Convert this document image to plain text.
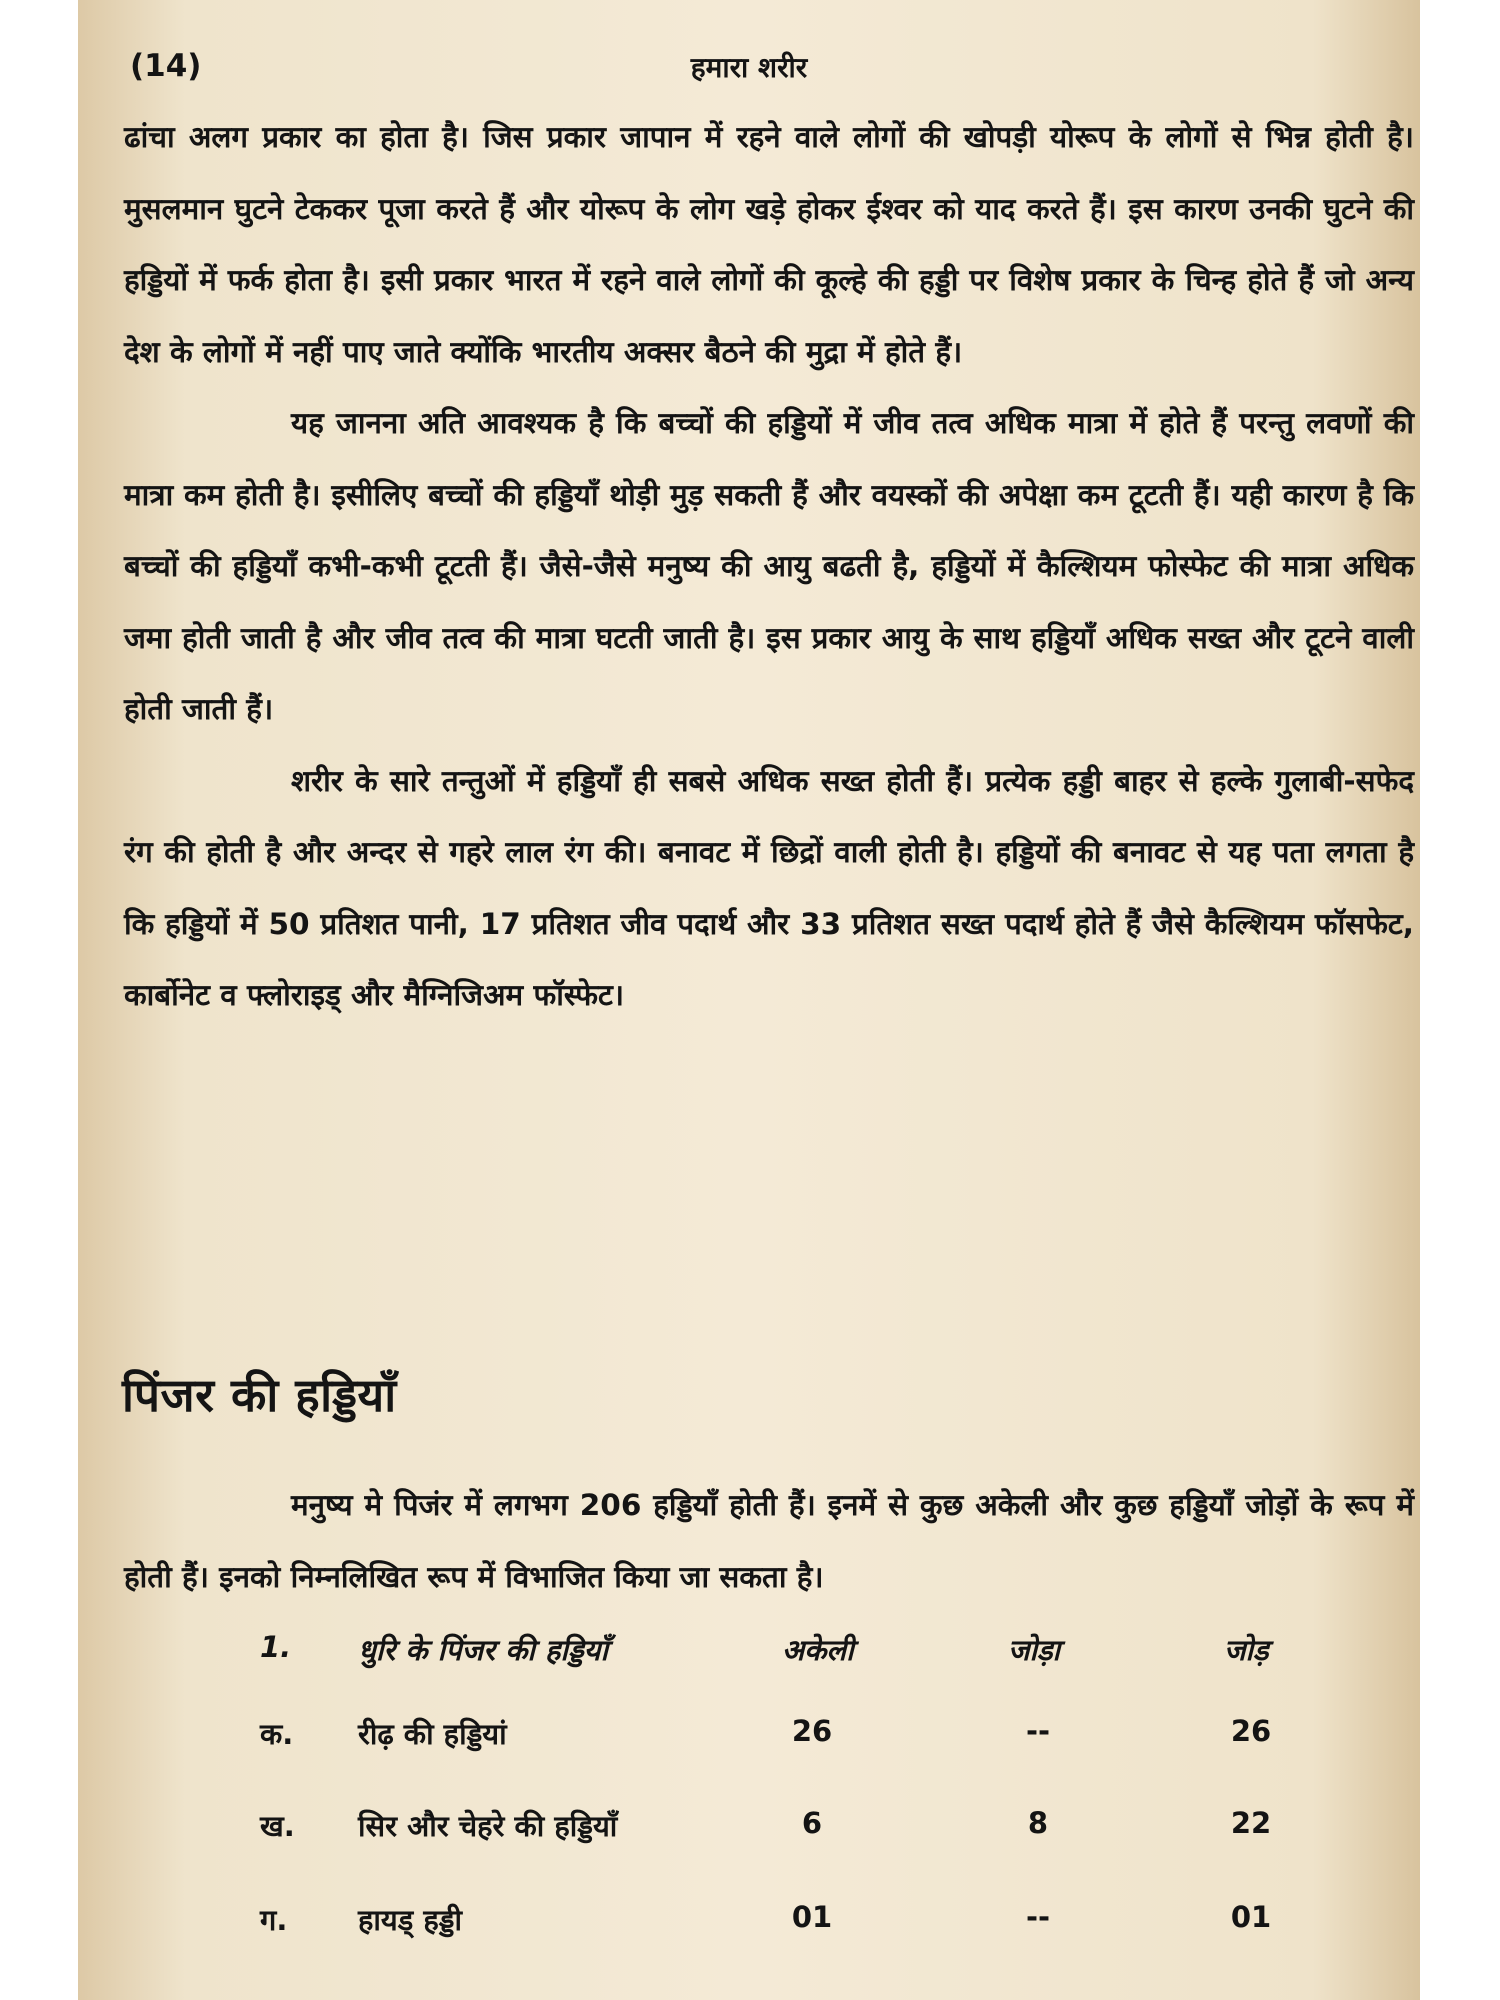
(14)	हमारा शरीर

ढांचा अलग प्रकार का होता है। जिस प्रकार जापान में रहने वाले लोगों की खोपड़ी योरूप के लोगों से भिन्न होती है। मुसलमान घुटने टेककर पूजा करते हैं और योरूप के लोग खड़े होकर ईश्वर को याद करते हैं। इस कारण उनकी घुटने की हड्डियों में फर्क होता है। इसी प्रकार भारत में रहने वाले लोगों की कूल्हे की हड्डी पर विशेष प्रकार के चिन्ह होते हैं जो अन्य देश के लोगों में नहीं पाए जाते क्योंकि भारतीय अक्सर बैठने की मुद्रा में होते हैं।

यह जानना अति आवश्यक है कि बच्चों की हड्डियों में जीव तत्व अधिक मात्रा में होते हैं परन्तु लवणों की मात्रा कम होती है। इसीलिए बच्चों की हड्डियाँ थोड़ी मुड़ सकती हैं और वयस्कों की अपेक्षा कम टूटती हैं। यही कारण है कि बच्चों की हड्डियाँ कभी-कभी टूटती हैं। जैसे-जैसे मनुष्य की आयु बढती है, हड्डियों में कैल्शियम फोस्फेट की मात्रा अधिक जमा होती जाती है और जीव तत्व की मात्रा घटती जाती है। इस प्रकार आयु के साथ हड्डियाँ अधिक सख्त और टूटने वाली होती जाती हैं।

शरीर के सारे तन्तुओं में हड्डियाँ ही सबसे अधिक सख्त होती हैं। प्रत्येक हड्डी बाहर से हल्के गुलाबी-सफेद रंग की होती है और अन्दर से गहरे लाल रंग की। बनावट में छिद्रों वाली होती है। हड्डियों की बनावट से यह पता लगता है कि हड्डियों में 50 प्रतिशत पानी, 17 प्रतिशत जीव पदार्थ और 33 प्रतिशत सख्त पदार्थ होते हैं जैसे कैल्शियम फॉसफेट, कार्बोनेट व फ्लोराइड् और मैग्निजिअम फॉस्फेट।

पिंजर की हड्डियाँ

मनुष्य मे पिजंर में लगभग 206 हड्डियाँ होती हैं। इनमें से कुछ अकेली और कुछ हड्डियाँ जोड़ों के रूप में होती हैं। इनको निम्नलिखित रूप में विभाजित किया जा सकता है।

1. धुरि के पिंजर की हड्डियाँ	अकेली	जोड़ा	जोड़
क. रीढ़ की हड्डियां	26	--	26
ख. सिर और चेहरे की हड्डियाँ	6	8	22
ग. हायड् हड्डी	01	--	01
